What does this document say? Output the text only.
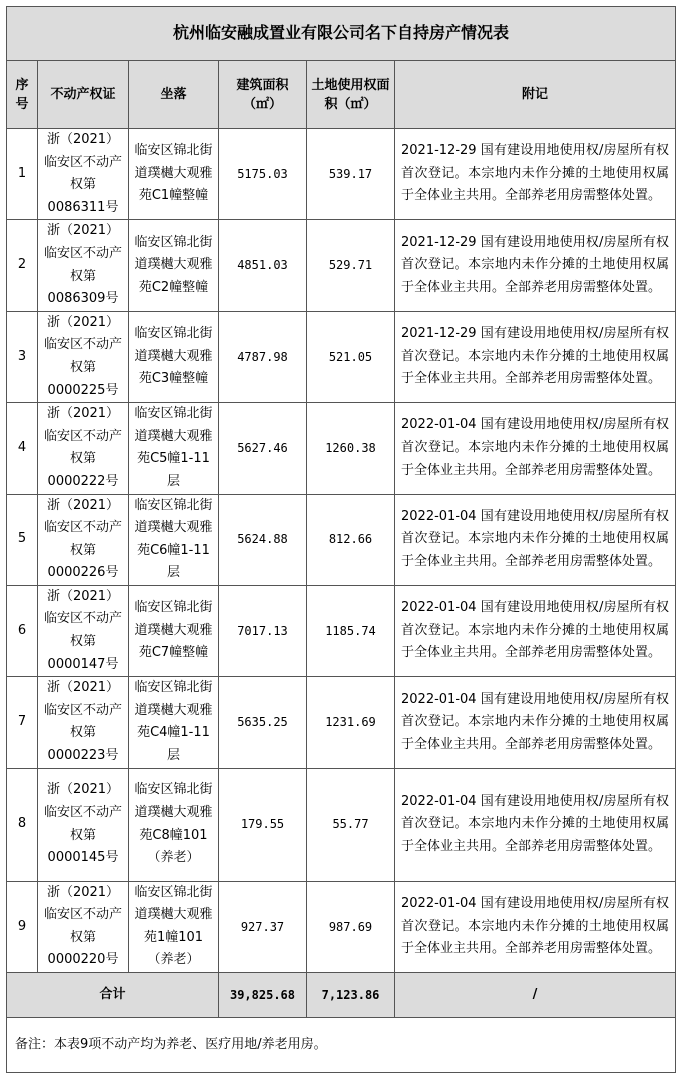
杭州临安融成置业有限公司名下自持房产情况表					
序号	不动产权证	坐落	建筑面积（㎡）	土地使用权面积（㎡）	附记
1	浙（2021）临安区不动产权第0086311号	临安区锦北街道璞樾大观雅苑C1幢整幢	5175.03	539.17	2021-12-29 国有建设用地使用权/房屋所有权首次登记。本宗地内未作分摊的土地使用权属于全体业主共用。全部养老用房需整体处置。
2	浙（2021）临安区不动产权第0086309号	临安区锦北街道璞樾大观雅苑C2幢整幢	4851.03	529.71	2021-12-29 国有建设用地使用权/房屋所有权首次登记。本宗地内未作分摊的土地使用权属于全体业主共用。全部养老用房需整体处置。
3	浙（2021）临安区不动产权第0000225号	临安区锦北街道璞樾大观雅苑C3幢整幢	4787.98	521.05	2021-12-29 国有建设用地使用权/房屋所有权首次登记。本宗地内未作分摊的土地使用权属于全体业主共用。全部养老用房需整体处置。
4	浙（2021）临安区不动产权第0000222号	临安区锦北街道璞樾大观雅苑C5幢1-11层	5627.46	1260.38	2022-01-04 国有建设用地使用权/房屋所有权首次登记。本宗地内未作分摊的土地使用权属于全体业主共用。全部养老用房需整体处置。
5	浙（2021）临安区不动产权第0000226号	临安区锦北街道璞樾大观雅苑C6幢1-11层	5624.88	812.66	2022-01-04 国有建设用地使用权/房屋所有权首次登记。本宗地内未作分摊的土地使用权属于全体业主共用。全部养老用房需整体处置。
6	浙（2021）临安区不动产权第0000147号	临安区锦北街道璞樾大观雅苑C7幢整幢	7017.13	1185.74	2022-01-04 国有建设用地使用权/房屋所有权首次登记。本宗地内未作分摊的土地使用权属于全体业主共用。全部养老用房需整体处置。
7	浙（2021）临安区不动产权第0000223号	临安区锦北街道璞樾大观雅苑C4幢1-11层	5635.25	1231.69	2022-01-04 国有建设用地使用权/房屋所有权首次登记。本宗地内未作分摊的土地使用权属于全体业主共用。全部养老用房需整体处置。
8	浙（2021）临安区不动产权第0000145号	临安区锦北街道璞樾大观雅苑C8幢101（养老）	179.55	55.77	2022-01-04 国有建设用地使用权/房屋所有权首次登记。本宗地内未作分摊的土地使用权属于全体业主共用。全部养老用房需整体处置。
9	浙（2021）临安区不动产权第0000220号	临安区锦北街道璞樾大观雅苑1幢101（养老）	927.37	987.69	2022-01-04 国有建设用地使用权/房屋所有权首次登记。本宗地内未作分摊的土地使用权属于全体业主共用。全部养老用房需整体处置。
合计			39,825.68	7,123.86	/
备注：本表9项不动产均为养老、医疗用地/养老用房。					
